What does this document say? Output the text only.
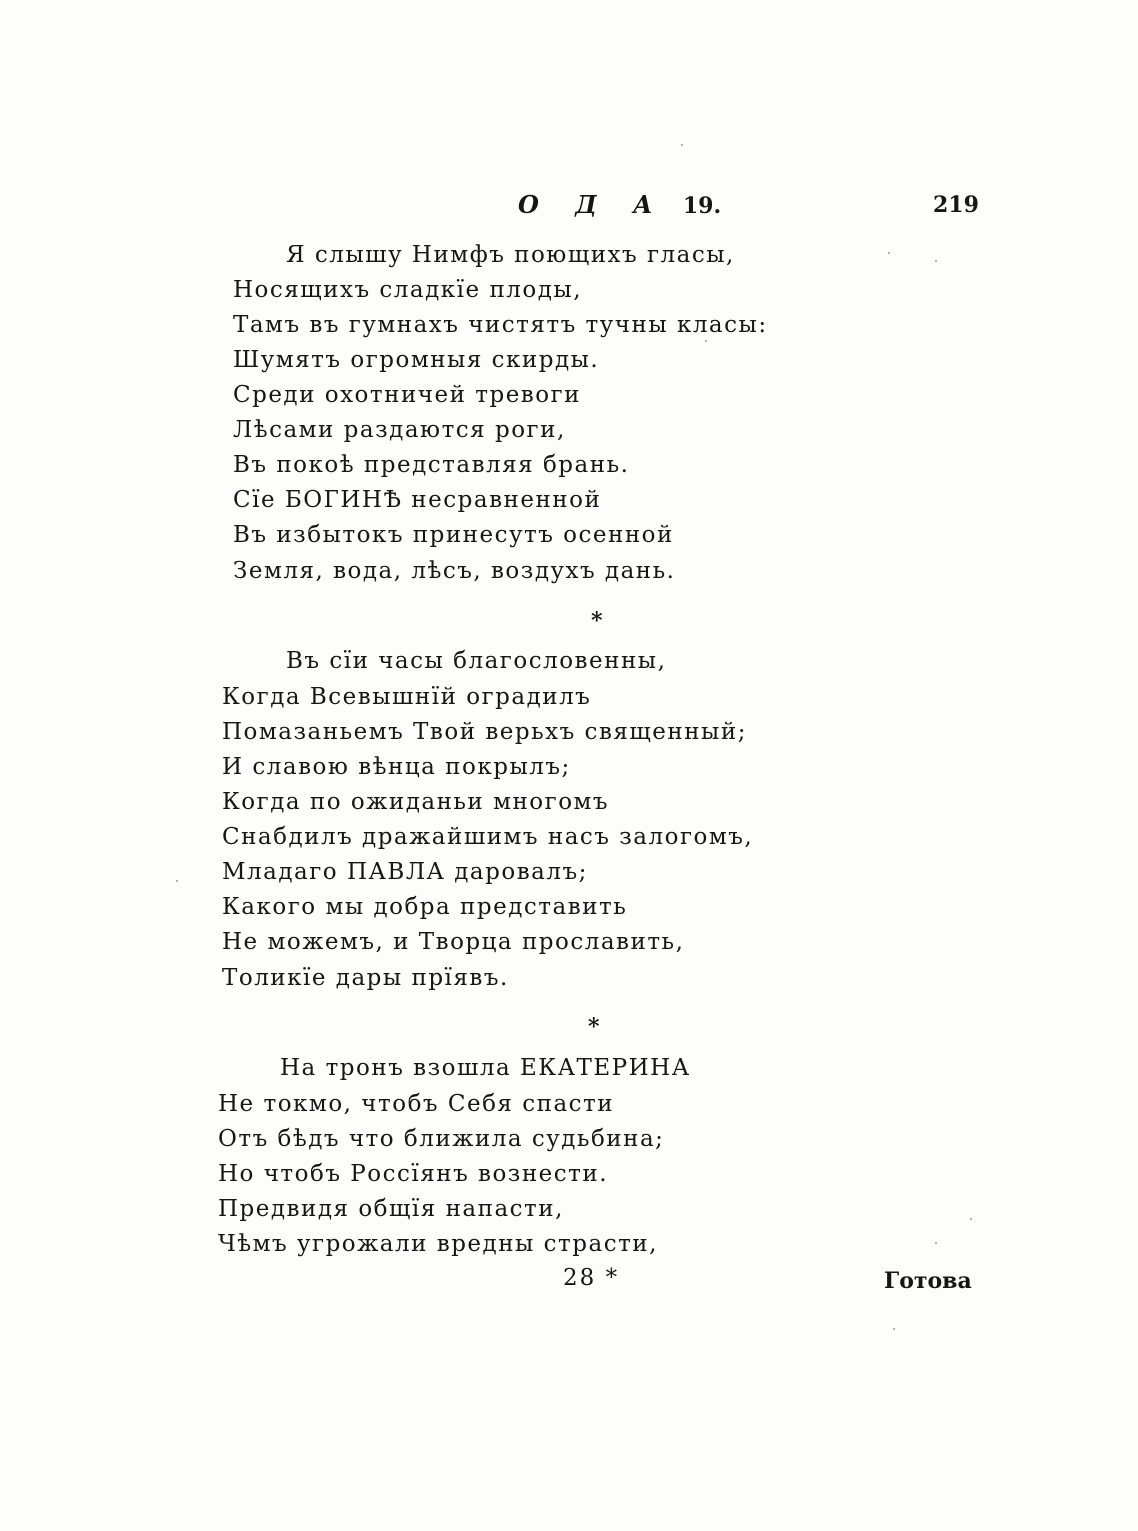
О Д А 19.	219
Я слышу Нимфъ поющихъ гласы,
Носящихъ сладкїе плоды,
Тамъ въ гумнахъ чистятъ тучны класы:
Шумятъ огромныя скирды.
Среди охотничей тревоги
Лѣсами раздаются роги,
Въ покоѣ представляя брань.
Сїе БОГИНѢ несравненной
Въ избытокъ принесутъ осенной
Земля, вода, лѣсъ, воздухъ дань.
*
Въ сїи часы благословенны,
Когда Всевышнїй оградилъ
Помазаньемъ Твой верьхъ священный;
И славою вѣнца покрылъ;
Когда по ожиданьи многомъ
Снабдилъ дражайшимъ насъ залогомъ,
Младаго ПАВЛА даровалъ;
Какого мы добра представить
Не можемъ, и Творца прославить,
Толикїе дары прїявъ.
*
На тронъ взошла ЕКАТЕРИНА
Не токмо, чтобъ Себя спасти
Отъ бѣдъ что ближила судьбина;
Но чтобъ Россїянъ вознести.
Предвидя общїя напасти,
Чѣмъ угрожали вредны страсти,
28 *	Готова
